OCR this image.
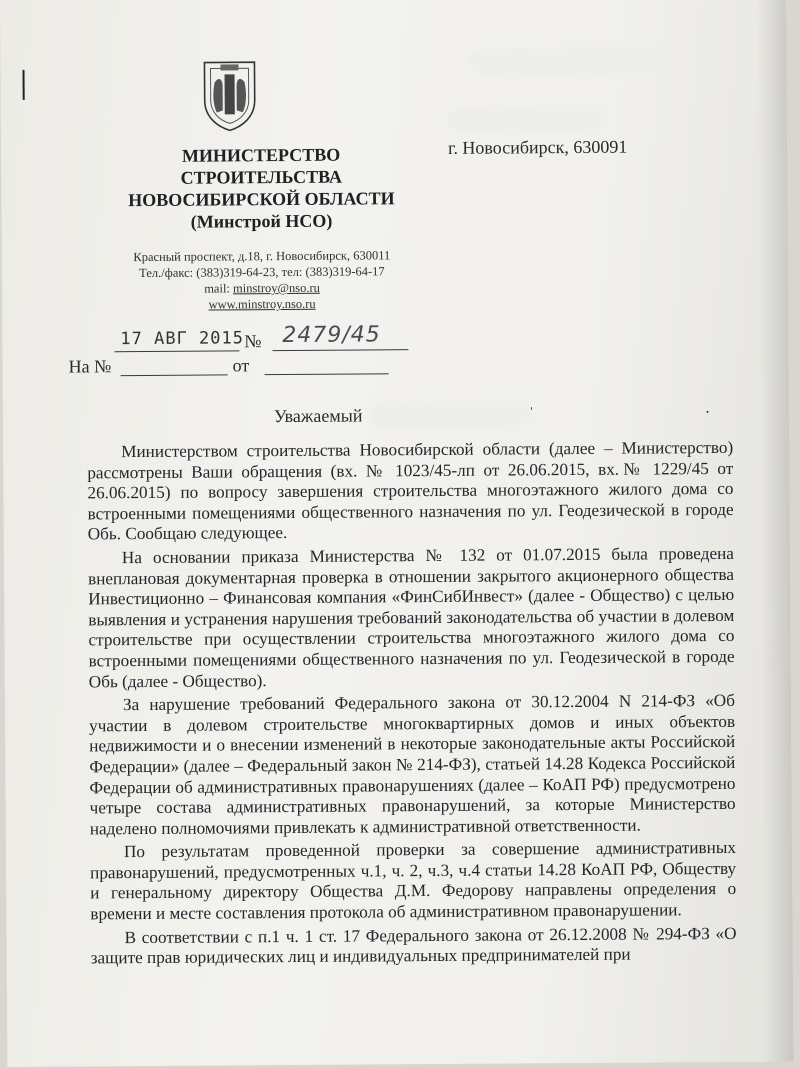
МИНИСТЕРСТВО
СТРОИТЕЛЬСТВА
НОВОСИБИРСКОЙ ОБЛАСТИ
(Минстрой НСО)
г. Новосибирск, 630091
Красный проспект, д.18, г. Новосибирск, 630011
Тел./факс: (383)319-64-23, тел: (383)319-64-17
mail: minstroy@nso.ru
www.minstroy.nso.ru
17 АВГ 2015 № 2479/45
На №	от
Уважаемый	ˈ	·

Министерством строительства Новосибирской области (далее – Министерство) рассмотрены Ваши обращения (вх. № 1023/45-лп от 26.06.2015, вх.№ 1229/45 от 26.06.2015) по вопросу завершения строительства многоэтажного жилого дома со встроенными помещениями общественного назначения по ул. Геодезической в городе Обь. Сообщаю следующее.

На основании приказа Министерства № 132 от 01.07.2015 была проведена внеплановая документарная проверка в отношении закрытого акционерного общества Инвестиционно – Финансовая компания «ФинСибИнвест» (далее - Общество) с целью выявления и устранения нарушения требований законодательства об участии в долевом строительстве при осуществлении строительства многоэтажного жилого дома со встроенными помещениями общественного назначения по ул. Геодезической в городе Обь (далее - Общество).

За нарушение требований Федерального закона от 30.12.2004 N 214-ФЗ «Об участии в долевом строительстве многоквартирных домов и иных объектов недвижимости и о внесении изменений в некоторые законодательные акты Российской Федерации» (далее – Федеральный закон № 214-ФЗ), статьей 14.28 Кодекса Российской Федерации об административных правонарушениях (далее – КоАП РФ) предусмотрено четыре состава административных правонарушений, за которые Министерство наделено полномочиями привлекать к административной ответственности.

По результатам проведенной проверки за совершение административных правонарушений, предусмотренных ч.1, ч. 2, ч.3, ч.4 статьи 14.28 КоАП РФ, Обществу и генеральному директору Общества Д.М. Федорову направлены определения о времени и месте составления протокола об административном правонарушении.

В соответствии с п.1 ч. 1 ст. 17 Федерального закона от 26.12.2008 № 294-ФЗ «О защите прав юридических лиц и индивидуальных предпринимателей при
